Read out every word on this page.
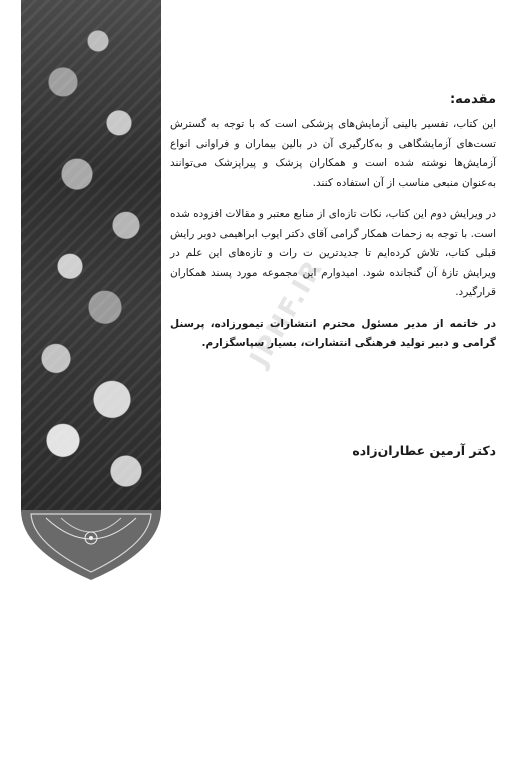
JPHF.IR
مقدمه:

این کتاب، تفسیر بالینی آزمایش‌های پزشکی است که با توجه به گسترش تست‌های آزمایشگاهی و به‌کارگیری آن در بالین بیماران و فراوانی انواع آزمایش‌ها نوشته شده است و همکاران پزشک و پیراپزشک می‌توانند به‌عنوان منبعی مناسب از آن استفاده کنند.

در ویرایش دوم این کتاب، نکات تازه‌ای از منابع معتبر و مقالات افزوده شده است. با توجه به زحمات همکار گرامی آقای دکتر ایوب ابراهیمی دوبر رایش قبلی کتاب، تلاش کرده‌ایم تا جدیدترین ت رات و تازه‌های این علم در ویرایش تازهٔ آن گنجانده شود. امیدوارم این مجموعه مورد پسند همکاران قرارگیرد.

در خاتمه از مدیر مسئول محترم انتشارات تیمورزاده، پرسنل گرامی و دبیر تولید فرهنگی انتشارات، بسیار سپاسگزارم.

دکتر آرمین عطاران‌زاده
